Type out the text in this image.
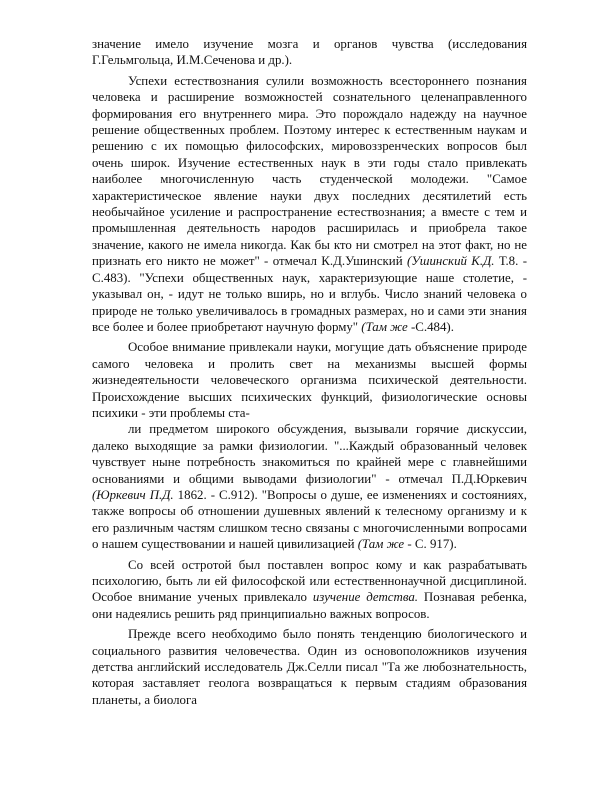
значение имело изучение мозга и органов чувства (исследования Г.Гельмгольца, И.М.Сеченова и др.).

Успехи естествознания сулили возможность всестороннего познания человека и расширение возможностей сознательного целенаправленного формирования его внутреннего мира. Это порождало надежду на научное решение общественных проблем. Поэтому интерес к естественным наукам и решению с их помощью философских, мировоззренческих вопросов был очень широк. Изучение естественных наук в эти годы стало привлекать наиболее многочисленную часть студенческой молодежи. "Самое характеристическое явление науки двух последних десятилетий есть необычайное усиление и распространение естествознания; а вместе с тем и промышленная деятельность народов расширилась и приобрела такое значение, какого не имела никогда. Как бы кто ни смотрел на этот факт, но не признать его никто не может" - отмечал К.Д.Ушинский (Ушинский К.Д. Т.8. - С.483). "Успехи общественных наук, характеризующие наше столетие, - указывал он, - идут не только вширь, но и вглубь. Число знаний человека о природе не только увеличивалось в громадных размерах, но и сами эти знания все более и более приобретают научную форму" (Там же -С.484).

Особое внимание привлекали науки, могущие дать объяснение природе самого человека и пролить свет на механизмы высшей формы жизнедеятельности человеческого организма психической деятельности. Происхождение высших психических функций, физиологические основы психики - эти проблемы ста-

ли предметом широкого обсуждения, вызывали горячие дискуссии, далеко выходящие за рамки физиологии. "...Каждый образованный человек чувствует ныне потребность знакомиться по крайней мере с главнейшими основаниями и общими выводами физиологии" - отмечал П.Д.Юркевич (Юркевич П.Д. 1862. - С.912). "Вопросы о душе, ее изменениях и состояниях, также вопросы об отношении душевных явлений к телесному организму и к его различным частям слишком тесно связаны с многочисленными вопросами о нашем существовании и нашей цивилизацией (Там же - С. 917).

Со всей остротой был поставлен вопрос кому и как разрабатывать психологию, быть ли ей философской или естественнонаучной дисциплиной. Особое внимание ученых привлекало изучение детства. Познавая ребенка, они надеялись решить ряд принципиально важных вопросов.

Прежде всего необходимо было понять тенденцию биологического и социального развития человечества. Один из основоположников изучения детства английский исследователь Дж.Селли писал "Та же любознательность, которая заставляет геолога возвращаться к первым стадиям образования планеты, а биолога
